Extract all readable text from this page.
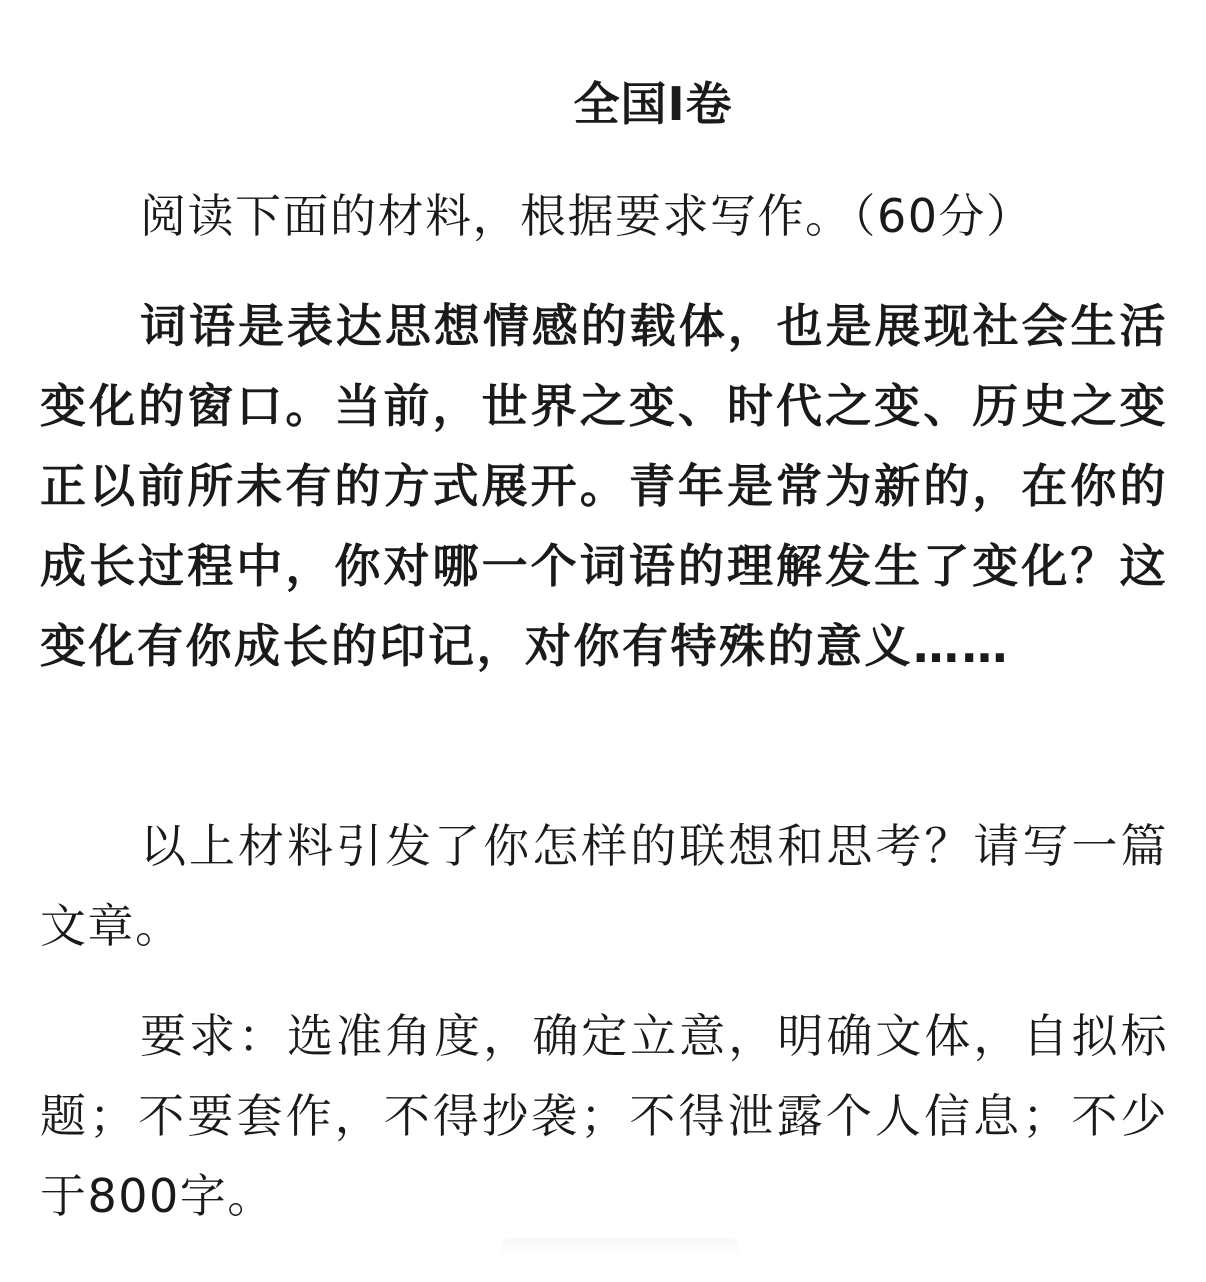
全国I卷

阅读下面的材料，根据要求写作。（60分）

词语是表达思想情感的载体，也是展现社会生活变化的窗口。当前，世界之变、时代之变、历史之变正以前所未有的方式展开。青年是常为新的，在你的成长过程中，你对哪一个词语的理解发生了变化？这变化有你成长的印记，对你有特殊的意义……

以上材料引发了你怎样的联想和思考？请写一篇文章。

要求：选准角度，确定立意，明确文体，自拟标题；不要套作，不得抄袭；不得泄露个人信息；不少于800字。
